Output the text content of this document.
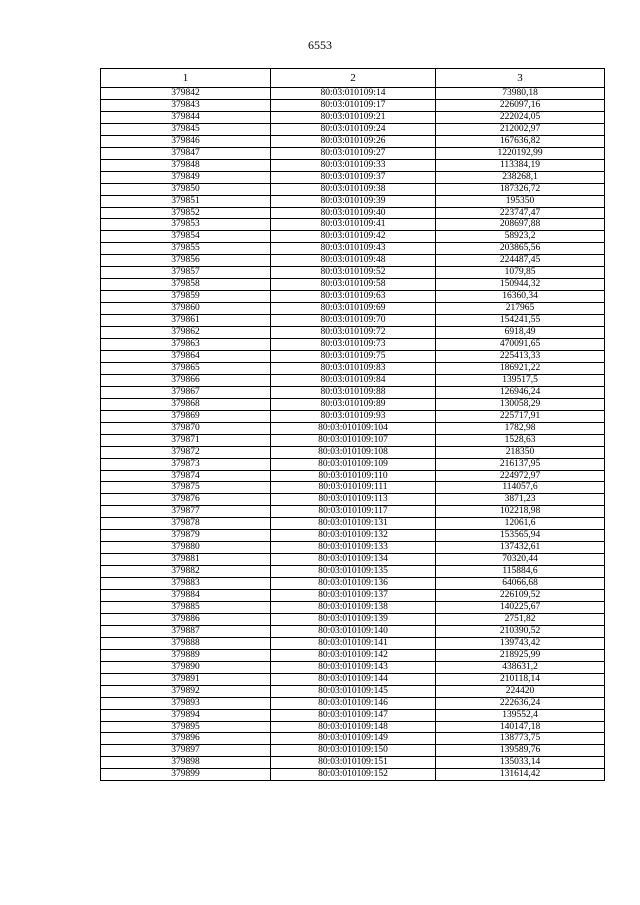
6553
1	2	3
379842	80:03:010109:14	73980,18
379843	80:03:010109:17	226097,16
379844	80:03:010109:21	222024,05
379845	80:03:010109:24	212002,97
379846	80:03:010109:26	167636,82
379847	80:03:010109:27	1220192,99
379848	80:03:010109:33	113384,19
379849	80:03:010109:37	238268,1
379850	80:03:010109:38	187326,72
379851	80:03:010109:39	195350
379852	80:03:010109:40	223747,47
379853	80:03:010109:41	208697,88
379854	80:03:010109:42	58923,2
379855	80:03:010109:43	203865,56
379856	80:03:010109:48	224487,45
379857	80:03:010109:52	1079,85
379858	80:03:010109:58	150944,32
379859	80:03:010109:63	16360,34
379860	80:03:010109:69	217965
379861	80:03:010109:70	154241,55
379862	80:03:010109:72	6918,49
379863	80:03:010109:73	470091,65
379864	80:03:010109:75	225413,33
379865	80:03:010109:83	186921,22
379866	80:03:010109:84	139517,5
379867	80:03:010109:88	126946,24
379868	80:03:010109:89	130058,29
379869	80:03:010109:93	225717,91
379870	80:03:010109:104	1782,98
379871	80:03:010109:107	1528,63
379872	80:03:010109:108	218350
379873	80:03:010109:109	216137,95
379874	80:03:010109:110	224972,97
379875	80:03:010109:111	114057,6
379876	80:03:010109:113	3871,23
379877	80:03:010109:117	102218,98
379878	80:03:010109:131	12061,6
379879	80:03:010109:132	153565,94
379880	80:03:010109:133	137432,61
379881	80:03:010109:134	70320,44
379882	80:03:010109:135	115884,6
379883	80:03:010109:136	64066,68
379884	80:03:010109:137	226109,52
379885	80:03:010109:138	140225,67
379886	80:03:010109:139	2751,82
379887	80:03:010109:140	210390,52
379888	80:03:010109:141	139743,42
379889	80:03:010109:142	218925,99
379890	80:03:010109:143	438631,2
379891	80:03:010109:144	210118,14
379892	80:03:010109:145	224420
379893	80:03:010109:146	222636,24
379894	80:03:010109:147	139552,4
379895	80:03:010109:148	140147,18
379896	80:03:010109:149	138773,75
379897	80:03:010109:150	139589,76
379898	80:03:010109:151	135033,14
379899	80:03:010109:152	131614,42
